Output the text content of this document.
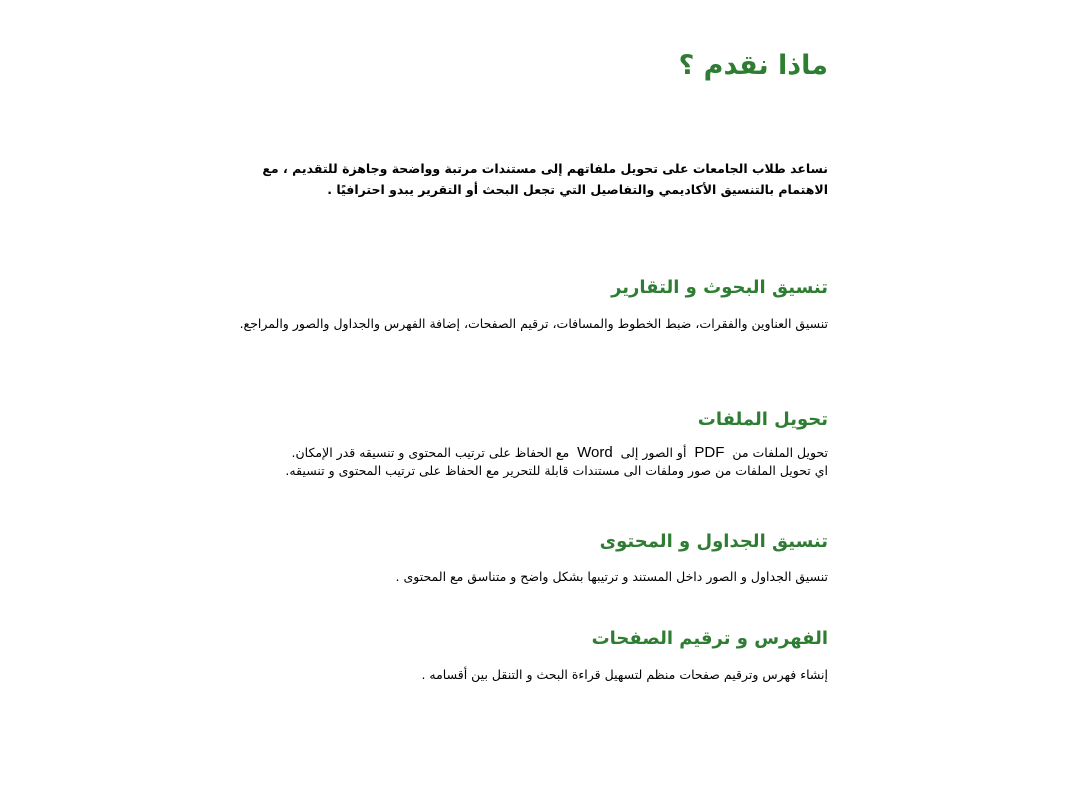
ماذا نقدم ؟
نساعد طلاب الجامعات على تحويل ملفاتهم إلى مستندات مرتبة وواضحة وجاهزة للتقديم ، مع الاهتمام بالتنسيق الأكاديمي والتفاصيل التي تجعل البحث أو التقرير يبدو احترافيًا .
تنسيق البحوث و التقارير
تنسيق العناوين والفقرات، ضبط الخطوط والمسافات، ترقيم الصفحات، إضافة الفهرس والجداول والصور والمراجع.
تحويل الملفات
تحويل الملفات من  PDF  أو الصور إلى  Word  مع الحفاظ على ترتيب المحتوى و تنسيقه قدر الإمكان.
اي تحويل الملفات من صور وملفات الى مستندات قابلة للتحرير مع الحفاظ على ترتيب المحتوى و تنسيقه.
تنسيق الجداول و المحتوى
تنسيق الجداول و الصور داخل المستند و ترتيبها بشكل واضح و متناسق مع المحتوى .
الفهرس و ترقيم الصفحات
إنشاء فهرس وترقيم صفحات منظم لتسهيل قراءة البحث و التنقل بين أقسامه .
